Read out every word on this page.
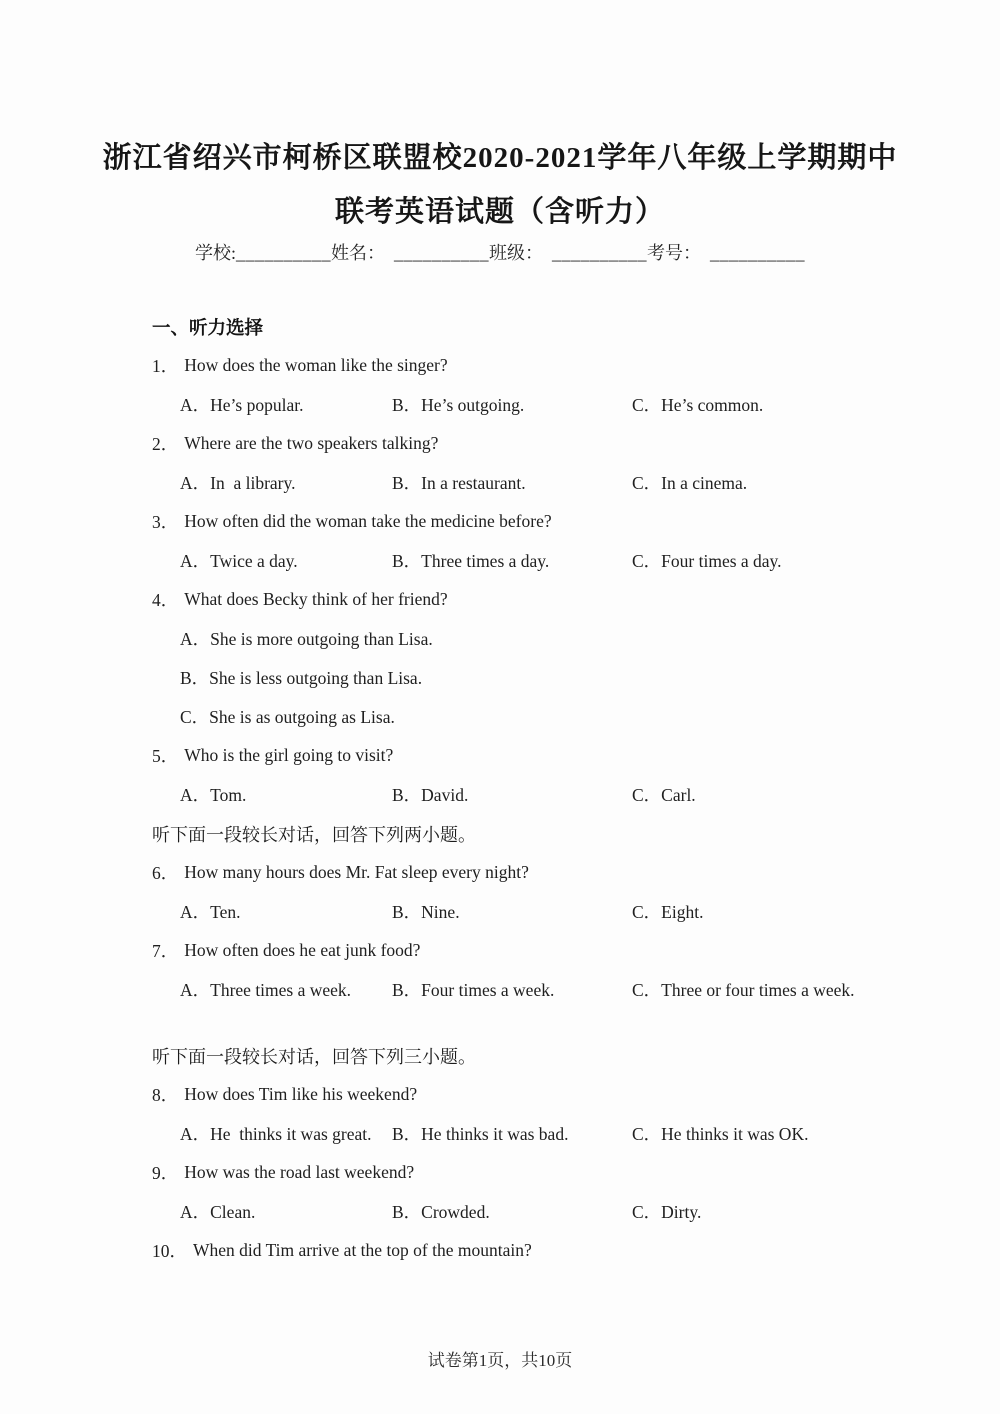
浙江省绍兴市柯桥区联盟校2020-2021学年八年级上学期期中
联考英语试题（含听力）
学校:__________姓名： __________班级： __________考号： __________
一、听力选择
1． How does the woman like the singer?
A．He’s popular.	B．He’s outgoing.	C．He’s common.
2． Where are the two speakers talking?
A．In  a library.	B．In a restaurant.	C．In a cinema.
3． How often did the woman take the medicine before?
A．Twice a day.	B．Three times a day.	C．Four times a day.
4． What does Becky think of her friend?
A．She is more outgoing than Lisa.
B．She is less outgoing than Lisa.
C．She is as outgoing as Lisa.
5． Who is the girl going to visit?
A．Tom.	B．David.	C．Carl.
听下面一段较长对话，回答下列两小题。
6． How many hours does Mr. Fat sleep every night?
A．Ten.	B．Nine.	C．Eight.
7． How often does he eat junk food?
A．Three times a week.	B．Four times a week.	C．Three or four times a week.
听下面一段较长对话，回答下列三小题。
8． How does Tim like his weekend?
A．He  thinks it was great.	B．He thinks it was bad.	C．He thinks it was OK.
9． How was the road last weekend?
A．Clean.	B．Crowded.	C．Dirty.
10． When did Tim arrive at the top of the mountain?
试卷第1页，共10页
